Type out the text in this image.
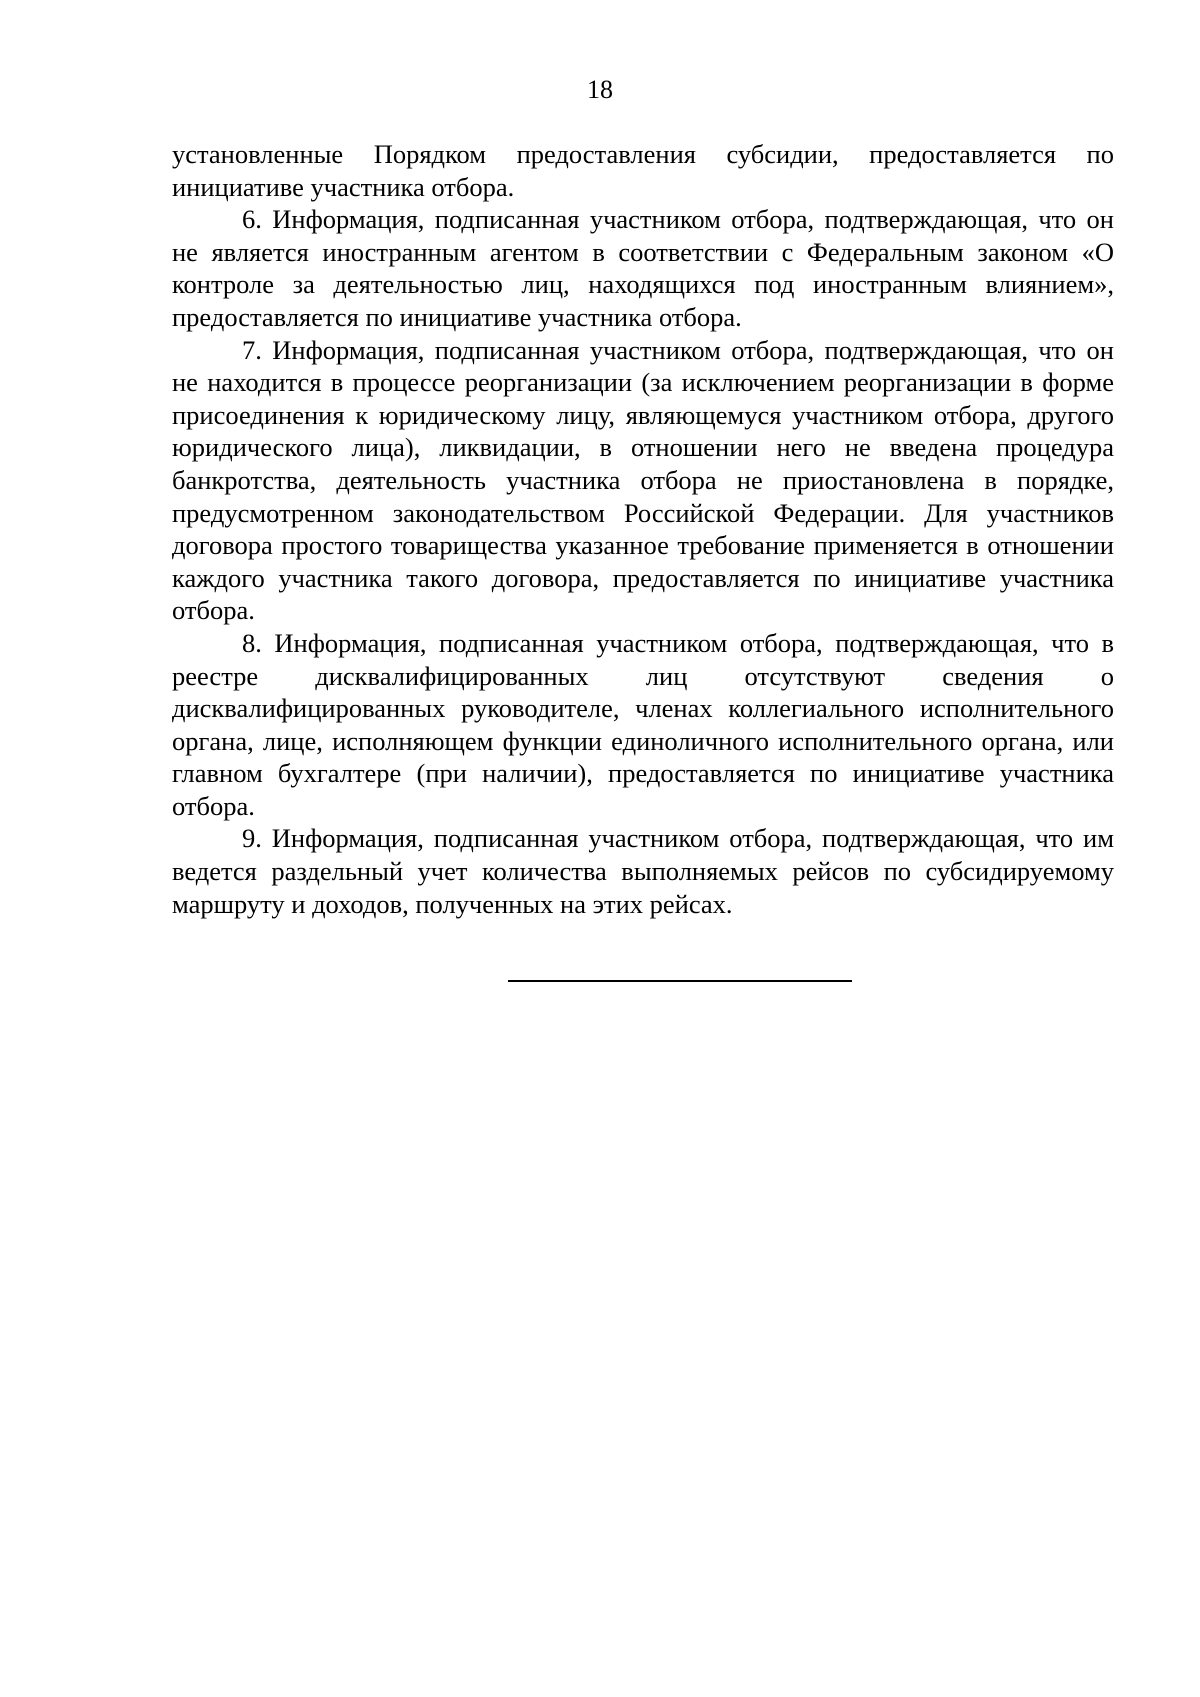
18

установленные Порядком предоставления субсидии, предоставляется по инициативе участника отбора.

6. Информация, подписанная участником отбора, подтверждающая, что он не является иностранным агентом в соответствии с Федеральным законом «О контроле за деятельностью лиц, находящихся под иностранным влиянием», предоставляется по инициативе участника отбора.

7. Информация, подписанная участником отбора, подтверждающая, что он не находится в процессе реорганизации (за исключением реорганизации в форме присоединения к юридическому лицу, являющемуся участником отбора, другого юридического лица), ликвидации, в отношении него не введена процедура банкротства, деятельность участника отбора не приостановлена в порядке, предусмотренном законодательством Российской Федерации. Для участников договора простого товарищества указанное требование применяется в отношении каждого участника такого договора, предоставляется по инициативе участника отбора.

8. Информация, подписанная участником отбора, подтверждающая, что в реестре дисквалифицированных лиц отсутствуют сведения о дисквалифицированных руководителе, членах коллегиального исполнительного органа, лице, исполняющем функции единоличного исполнительного органа, или главном бухгалтере (при наличии), предоставляется по инициативе участника отбора.

9. Информация, подписанная участником отбора, подтверждающая, что им ведется раздельный учет количества выполняемых рейсов по субсидируемому маршруту и доходов, полученных на этих рейсах.
